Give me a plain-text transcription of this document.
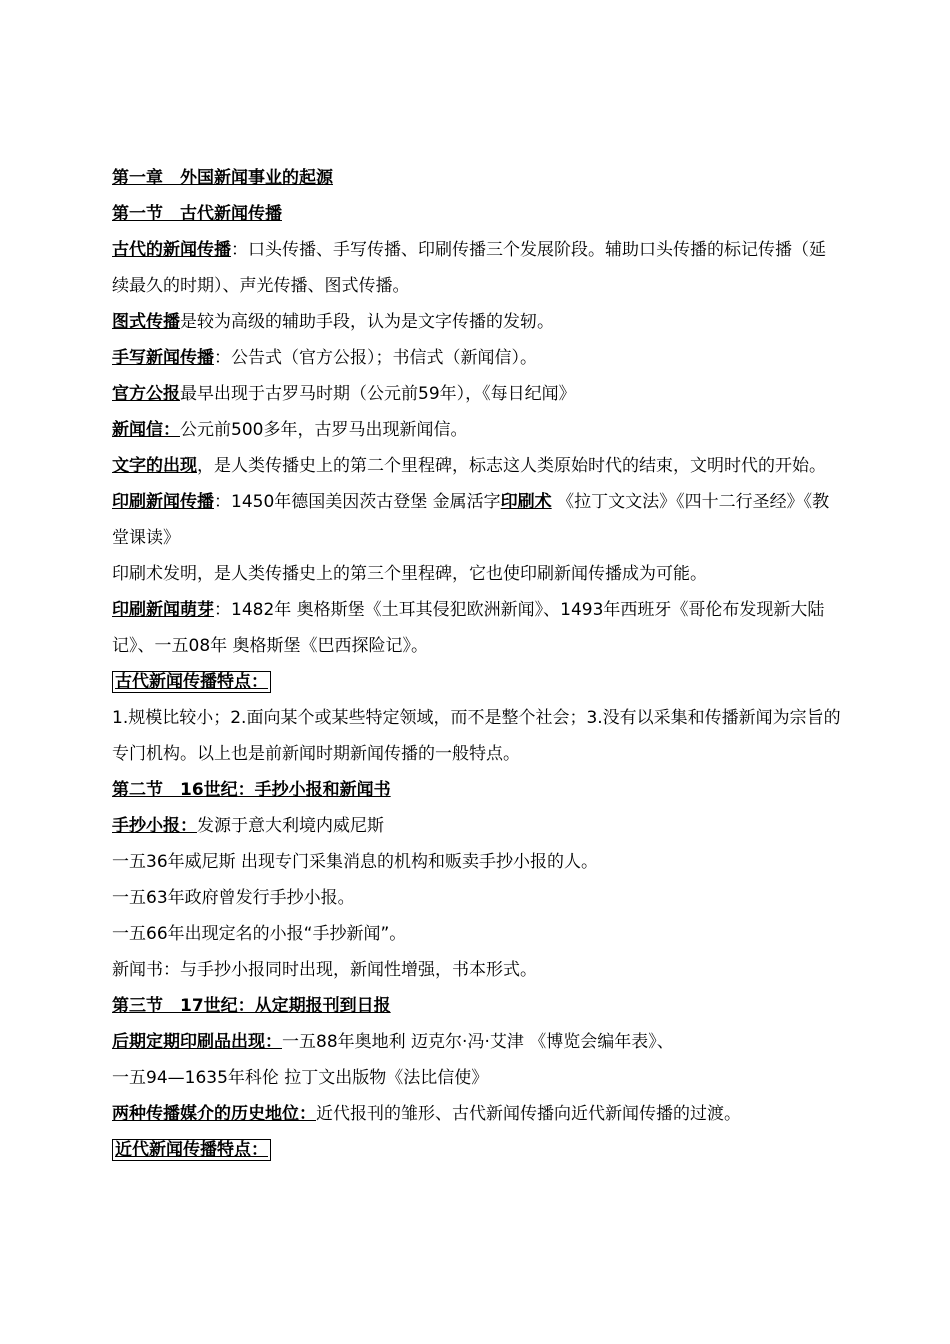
第一章　外国新闻事业的起源

第一节　古代新闻传播

古代的新闻传播：口头传播、手写传播、印刷传播三个发展阶段。辅助口头传播的标记传播（延续最久的时期）、声光传播、图式传播。

图式传播是较为高级的辅助手段，认为是文字传播的发轫。

手写新闻传播：公告式（官方公报）；书信式（新闻信）。

官方公报最早出现于古罗马时期（公元前59年），《每日纪闻》

新闻信：公元前500多年，古罗马出现新闻信。

文字的出现，是人类传播史上的第二个里程碑，标志这人类原始时代的结束，文明时代的开始。

印刷新闻传播：1450年德国美因茨古登堡 金属活字印刷术 《拉丁文文法》《四十二行圣经》《教堂课读》

印刷术发明，是人类传播史上的第三个里程碑，它也使印刷新闻传播成为可能。

印刷新闻萌芽：1482年 奥格斯堡《土耳其侵犯欧洲新闻》、1493年西班牙《哥伦布发现新大陆记》、一五08年 奥格斯堡《巴西探险记》。

古代新闻传播特点：

1.规模比较小；2.面向某个或某些特定领域，而不是整个社会；3.没有以采集和传播新闻为宗旨的专门机构。以上也是前新闻时期新闻传播的一般特点。

第二节　16世纪：手抄小报和新闻书

手抄小报：发源于意大利境内威尼斯

一五36年威尼斯 出现专门采集消息的机构和贩卖手抄小报的人。

一五63年政府曾发行手抄小报。

一五66年出现定名的小报“手抄新闻”。

新闻书：与手抄小报同时出现，新闻性增强，书本形式。

第三节　17世纪：从定期报刊到日报

后期定期印刷品出现：一五88年奥地利 迈克尔·冯·艾津 《博览会编年表》、

一五94—1635年科伦 拉丁文出版物《法比信使》

两种传播媒介的历史地位：近代报刊的雏形、古代新闻传播向近代新闻传播的过渡。

近代新闻传播特点：
